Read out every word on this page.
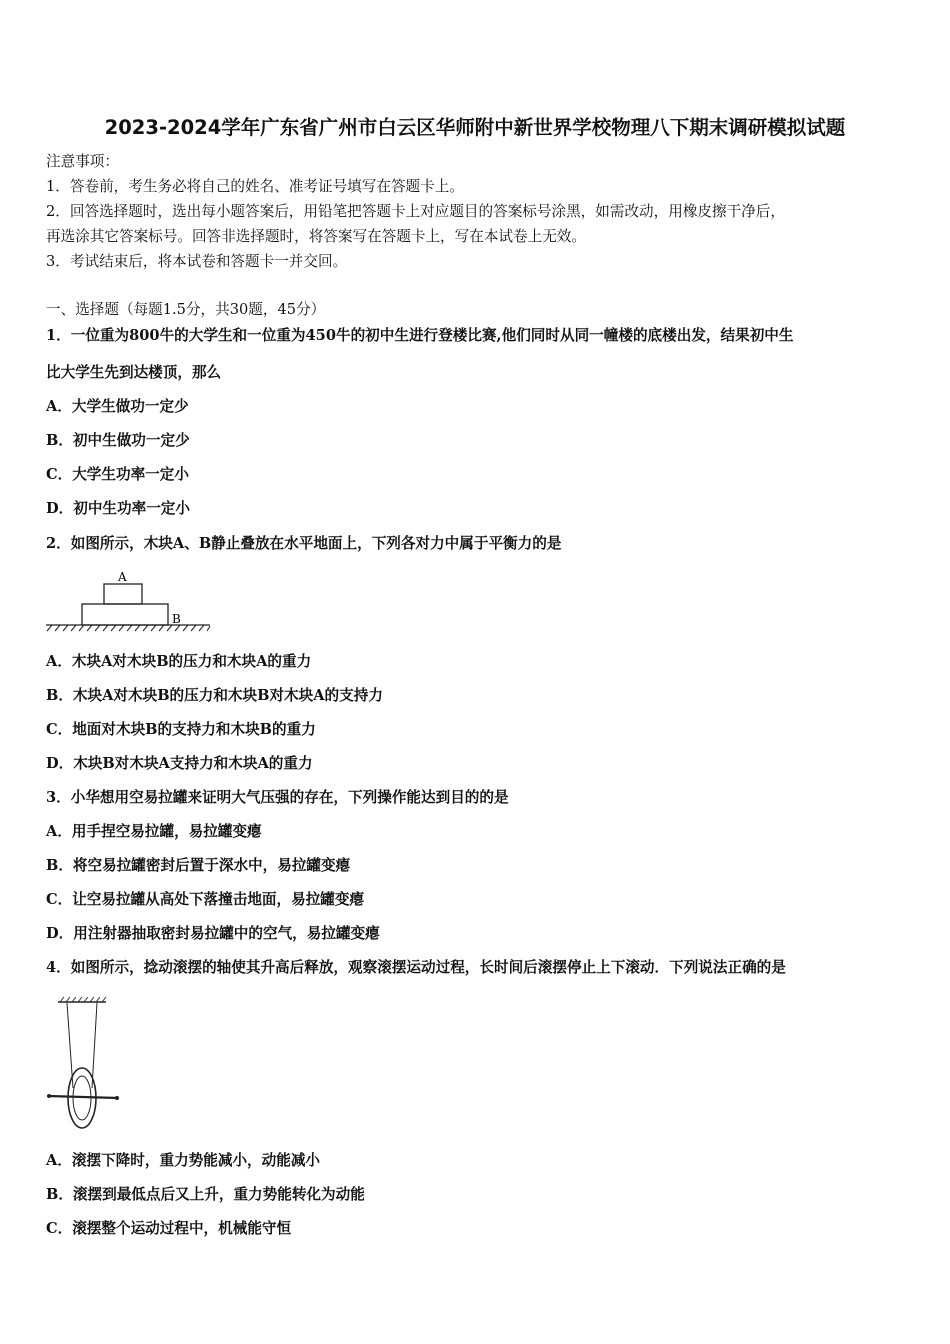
2023-2024学年广东省广州市白云区华师附中新世界学校物理八下期末调研模拟试题
注意事项：
1．答卷前，考生务必将自己的姓名、准考证号填写在答题卡上。
2．回答选择题时，选出每小题答案后，用铅笔把答题卡上对应题目的答案标号涂黑，如需改动，用橡皮擦干净后，
再选涂其它答案标号。回答非选择题时，将答案写在答题卡上，写在本试卷上无效。
3．考试结束后，将本试卷和答题卡一并交回。
一、选择题（每题1.5分，共30题，45分）
1．一位重为800牛的大学生和一位重为450牛的初中生进行登楼比赛,他们同时从同一幢楼的底楼出发，结果初中生
比大学生先到达楼顶，那么
A．大学生做功一定少
B．初中生做功一定少
C．大学生功率一定小
D．初中生功率一定小
2．如图所示，木块A、B静止叠放在水平地面上，下列各对力中属于平衡力的是
A
B
A．木块A对木块B的压力和木块A的重力
B．木块A对木块B的压力和木块B对木块A的支持力
C．地面对木块B的支持力和木块B的重力
D．木块B对木块A支持力和木块A的重力
3．小华想用空易拉罐来证明大气压强的存在，下列操作能达到目的的是
A．用手捏空易拉罐，易拉罐变瘪
B．将空易拉罐密封后置于深水中，易拉罐变瘪
C．让空易拉罐从高处下落撞击地面，易拉罐变瘪
D．用注射器抽取密封易拉罐中的空气，易拉罐变瘪
4．如图所示，捻动滚摆的轴使其升高后释放，观察滚摆运动过程，长时间后滚摆停止上下滚动．下列说法正确的是
A．滚摆下降时，重力势能减小，动能减小
B．滚摆到最低点后又上升，重力势能转化为动能
C．滚摆整个运动过程中，机械能守恒
